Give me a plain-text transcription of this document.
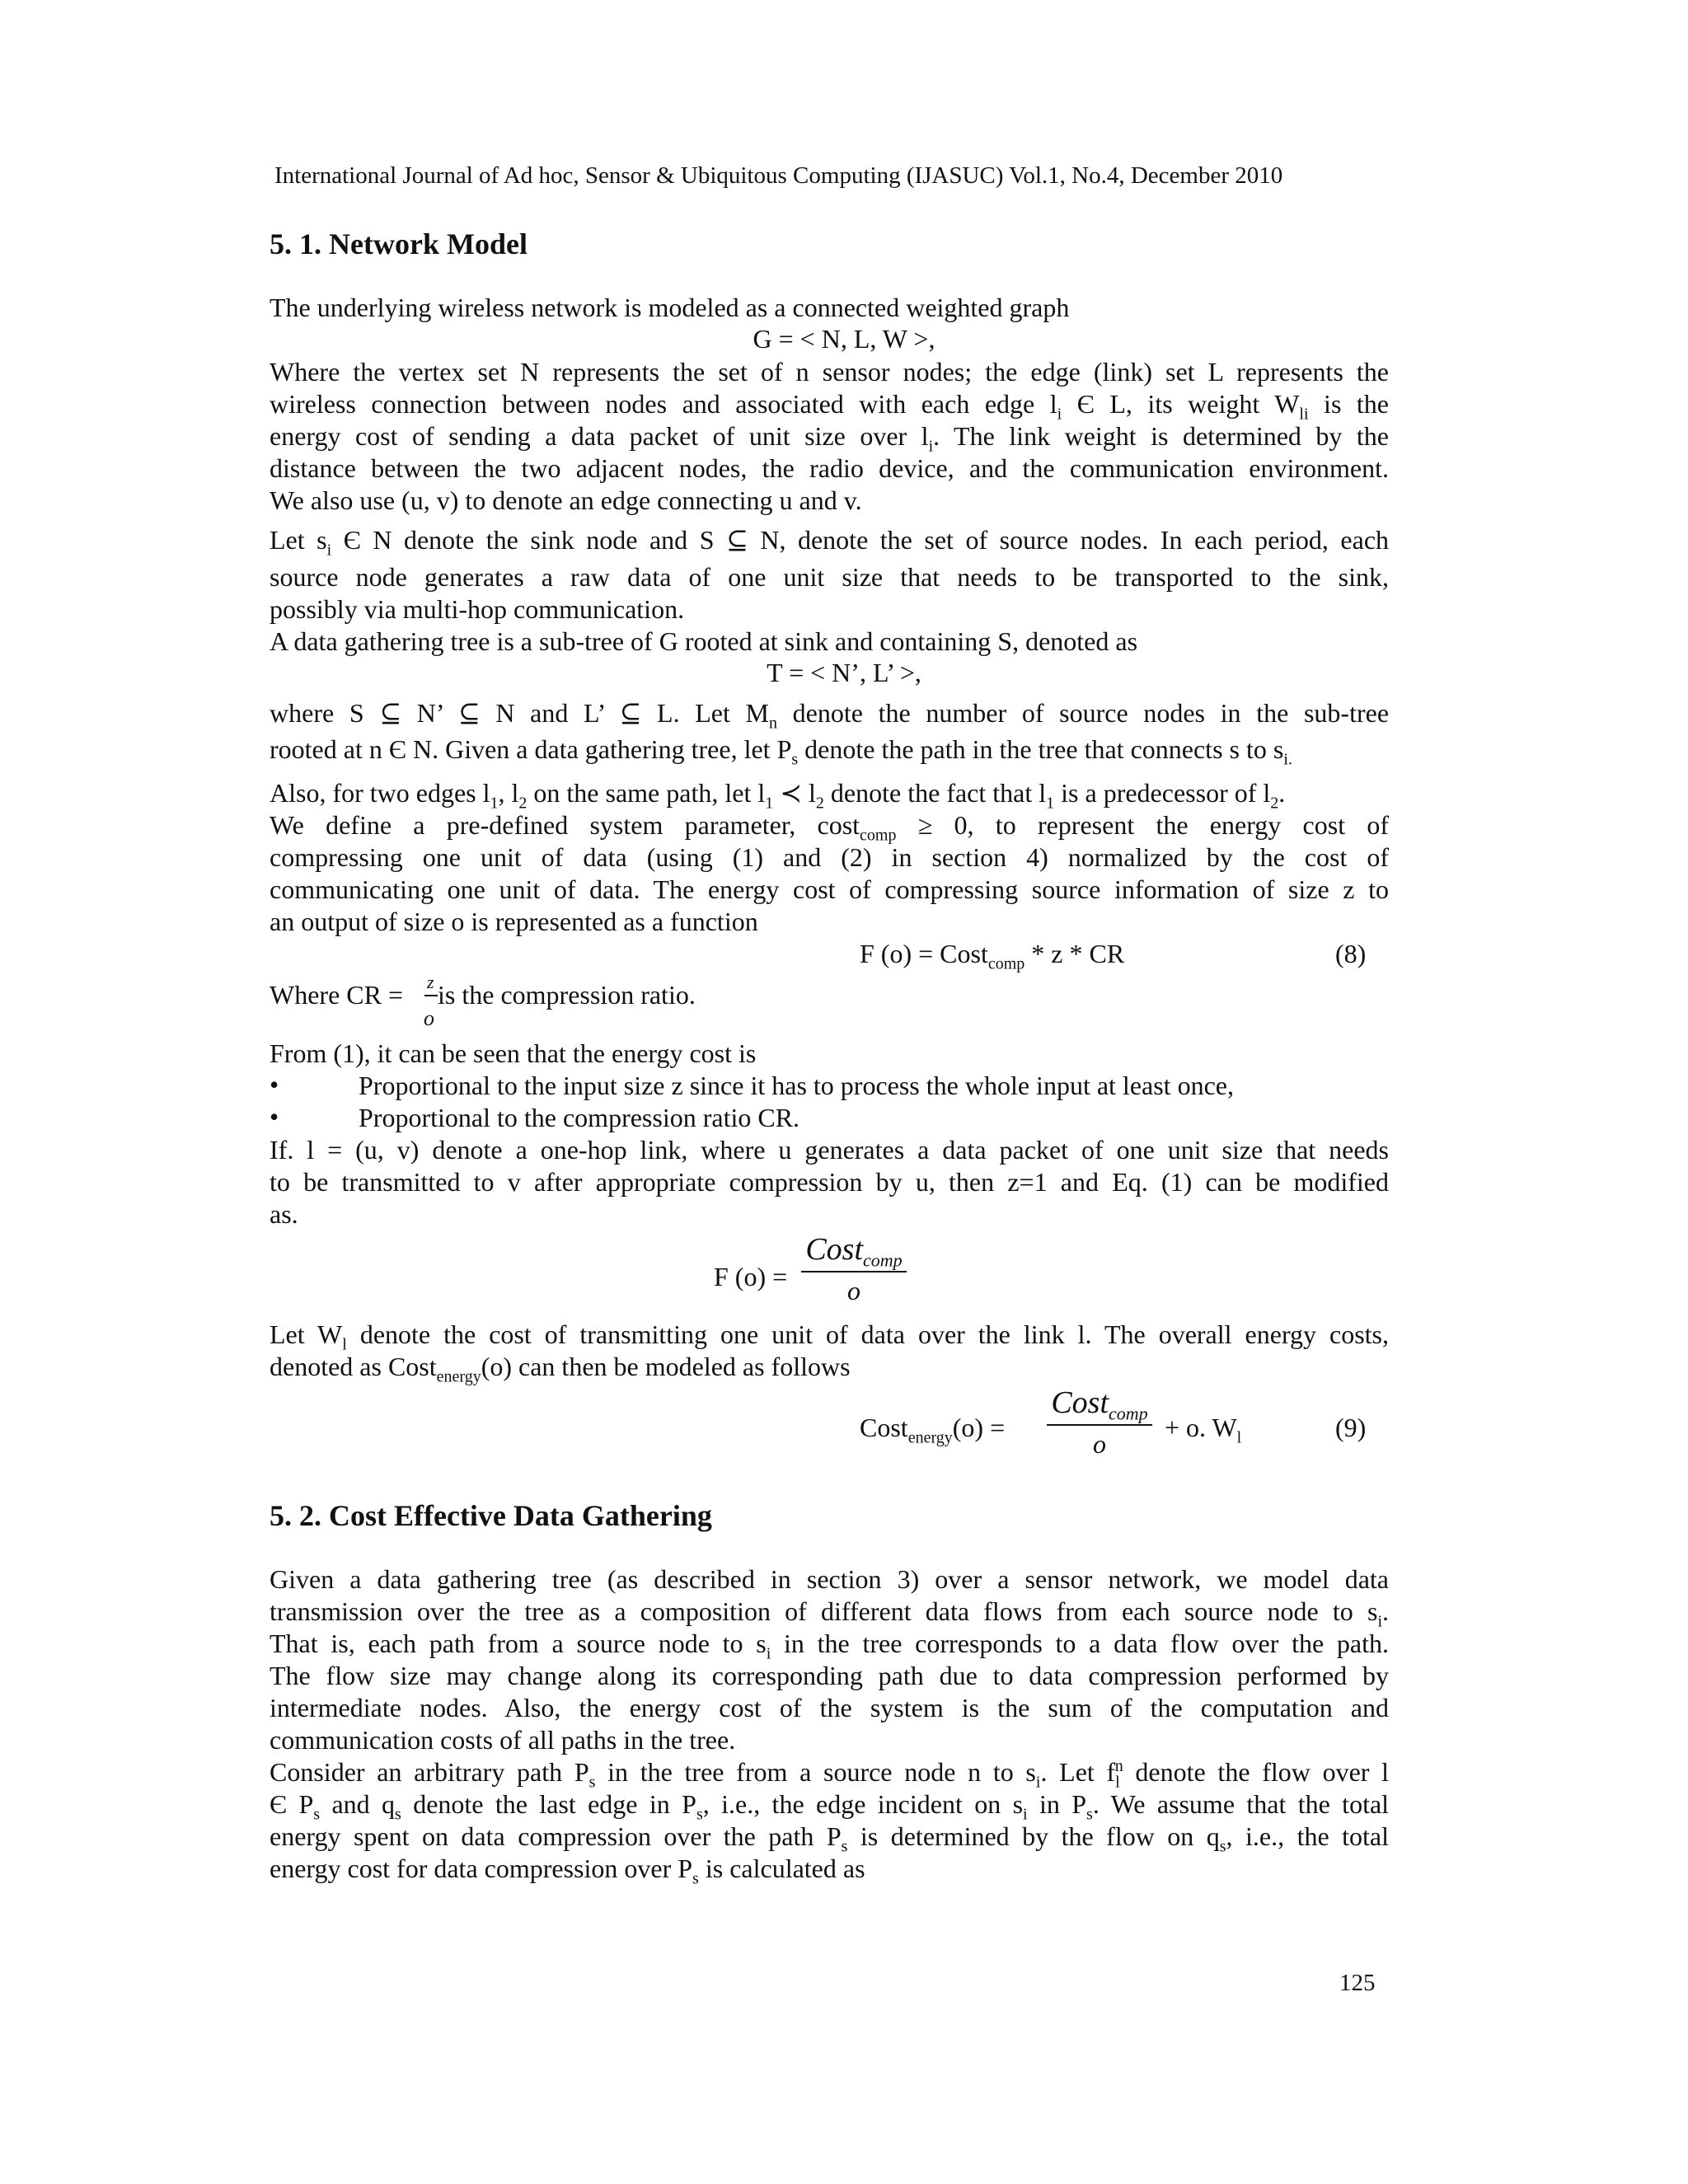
International Journal of Ad hoc, Sensor & Ubiquitous Computing (IJASUC) Vol.1, No.4, December 2010
5. 1. Network Model
The underlying wireless network is modeled as a connected weighted graph
G = < N, L, W >,
Where the vertex set N represents the set of n sensor nodes; the edge (link) set L represents the
wireless connection between nodes and associated with each edge $l_i$ Є L, its weight $W_{li}$ is the
energy cost of sending a data packet of unit size over $l_i$. The link weight is determined by the
distance between the two adjacent nodes, the radio device, and the communication environment.
We also use (u, v) to denote an edge connecting u and v.
Let $s_i$ Є N denote the sink node and S ⊆ N, denote the set of source nodes. In each period, each
source node generates a raw data of one unit size that needs to be transported to the sink,
possibly via multi-hop communication.
A data gathering tree is a sub-tree of G rooted at sink and containing S, denoted as
T = < N’, L’ >,
where S ⊆ N’ ⊆ N and L’ ⊆ L. Let $M_n$ denote the number of source nodes in the sub-tree
rooted at n Є N. Given a data gathering tree, let $P_s$ denote the path in the tree that connects s to $s_{i.}$
Also, for two edges $l_1$, $l_2$ on the same path, let $l_1$ ≺ $l_2$ denote the fact that $l_1$ is a predecessor of $l_2$.
We define a pre-defined system parameter, cost$_{comp}$ ≥ 0, to represent the energy cost of
compressing one unit of data (using (1) and (2) in section 4) normalized by the cost of
communicating one unit of data. The energy cost of compressing source information of size z to
an output of size o is represented as a function
F (o) = Cost$_{comp}$ * z * CR	(8)
Where CR =  is the compression ratio.
z
o
From (1), it can be seen that the energy cost is
•	Proportional to the input size z since it has to process the whole input at least once,
•	Proportional to the compression ratio CR.
If. l = (u, v) denote a one-hop link, where u generates a data packet of one unit size that needs
to be transmitted to v after appropriate compression by u, then z=1 and Eq. (1) can be modified
as.
F (o) =
Cost$_{comp}$
o
Let $W_l$ denote the cost of transmitting one unit of data over the link l. The overall energy costs,
denoted as Cost$_{energy}$(o) can then be modeled as follows
Cost$_{energy}$(o) =
Cost$_{comp}$
o
+ o. $W_l$	(9)
5. 2. Cost Effective Data Gathering
Given a data gathering tree (as described in section 3) over a sensor network, we model data
transmission over the tree as a composition of different data flows from each source node to $s_i$.
That is, each path from a source node to $s_i$ in the tree corresponds to a data flow over the path.
The flow size may change along its corresponding path due to data compression performed by
intermediate nodes. Also, the energy cost of the system is the sum of the computation and
communication costs of all paths in the tree.
Consider an arbitrary path $P_s$ in the tree from a source node n to $s_i$. Let $f_l^n$ denote the flow over l
Є $P_s$ and $q_s$ denote the last edge in $P_s$, i.e., the edge incident on $s_i$ in $P_s$. We assume that the total
energy spent on data compression over the path $P_s$ is determined by the flow on $q_s$, i.e., the total
energy cost for data compression over $P_s$ is calculated as
125
